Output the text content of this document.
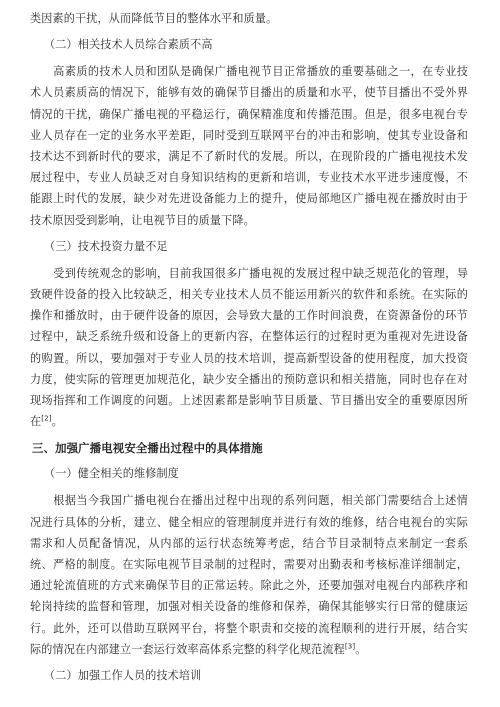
类因素的干扰，从而降低节目的整体水平和质量。

（二）相关技术人员综合素质不高

高素质的技术人员和团队是确保广播电视节目正常播放的重要基础之一，在专业技术人员素质高的情况下，能够有效的确保节目播出的质量和水平，使节目播出不受外界情况的干扰，确保广播电视的平稳运行，确保精准度和传播范围。但是，很多电视台专业人员存在一定的业务水平差距，同时受到互联网平台的冲击和影响，使其专业设备和技术达不到新时代的要求，满足不了新时代的发展。所以，在现阶段的广播电视技术发展过程中，专业人员缺乏对自身知识结构的更新和培训，专业技术水平进步速度慢，不能跟上时代的发展，缺少对先进设备能力上的提升，使局部地区广播电视在播放时由于技术原因受到影响，让电视节目的质量下降。

（三）技术投资力量不足

受到传统观念的影响，目前我国很多广播电视的发展过程中缺乏规范化的管理，导致硬件设备的投入比较缺乏，相关专业技术人员不能运用新兴的软件和系统。在实际的操作和播放时，由于硬件设备的原因，会导致大量的工作时间浪费，在资源备份的环节过程中，缺乏系统升级和设备上的更新内容，在整体运行的过程时更为重视对先进设备的购置。所以，要加强对于专业人员的技术培训，提高新型设备的使用程度，加大投资力度，使实际的管理更加规范化，缺少安全播出的预防意识和相关措施，同时也存在对现场指挥和工作调度的问题。上述因素都是影响节目质量、节目播出安全的重要原因所在[2]。

三、加强广播电视安全播出过程中的具体措施
（一）健全相关的维修制度

根据当今我国广播电视台在播出过程中出现的系列问题，相关部门需要结合上述情况进行具体的分析，建立、健全相应的管理制度并进行有效的维修，结合电视台的实际需求和人员配备情况，从内部的运行状态统筹考虑，结合节目录制特点来制定一套系统、严格的制度。在实际电视节目录制的过程时，需要对出勤表和考核标准详细制定，通过轮流值班的方式来确保节目的正常运转。除此之外，还要加强对电视台内部秩序和轮岗持续的监督和管理，加强对相关设备的维修和保养，确保其能够实行日常的健康运行。此外，还可以借助互联网平台，将整个职责和交接的流程顺利的进行开展，结合实际的情况在内部建立一套运行效率高体系完整的科学化规范流程[3]。

（二）加强工作人员的技术培训
